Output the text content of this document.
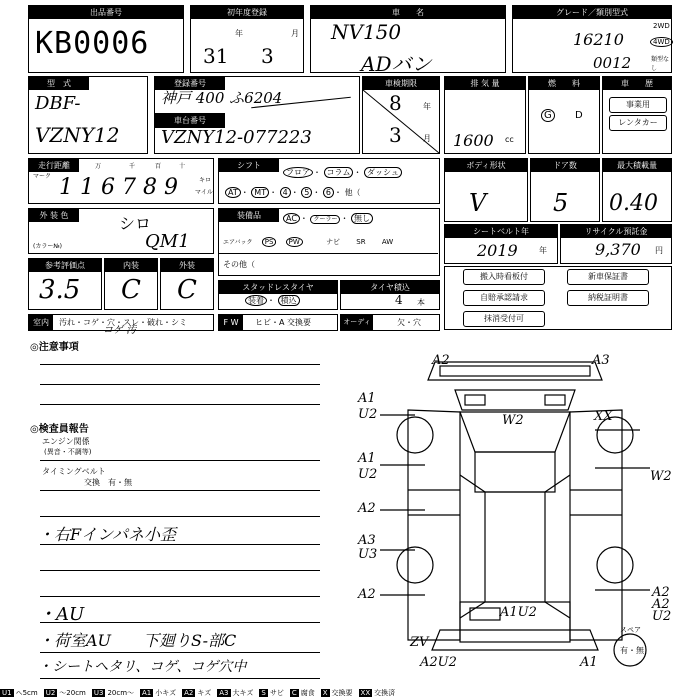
出品番号
KB0006
初年度登録
年	月
31 3
車　　名
NV150
ADバン
グレード／類別型式
16210
0012
2WD
4WD
類型なし
型　式
DBF-
VZNY12
登録番号
神戸 400 ふ6204
車台番号
VZNY12-077223
車検期限
8	年
3	月
排 気 量
1600 cc
燃　　料
G	D
車　　歴
事業用
レンタカー
走行距離
マーク
万	千	百	十
キロ
マイル
116789
シフト
フロア ・ コラム ・ ダッシュ
AT ・ MT ・ 4 ・ 5 ・ 6 ・ 他（
ボディ形状
V
ドア数
5
最大積載量
0.40
外 装 色	シロ
(カラー№)	QM1
装備品	AC ・ クーラー ・ 無し
エアバック　 PS　 PW　　　	ナビ　　 SR　　 AW
その他（
シートベルト年
2019	年
リサイクル預託金
9,370 円
参考評価点
3.5
内装
C
外装
C	スタッドレスタイヤ
装着 ・ 積込
タイヤ積込
4 本
搬入時看板付	新車保証書
自賠承認請求	納税証明書
抹消受付可
室内	汚れ・コゲ・穴・スレ・破れ・シミ
コゲ 汚
F W	ヒビ・A 交換要	オーディオ
欠・穴
◎注意事項
◎検査員報告
エンジン関係
(異音・不調等)
タイミングベルト
交換　有・無
・右Fインパネ小歪
・AU
・荷室AU　　下廻りS-部C
・シートヘタリ、コゲ、コゲ穴中
A2	A3
A1
U2	W2	XX
A1
U2	W2
A2
A3
U3
A2	A2
A1U2
A2
U2
ZV
A2U2	A1
スペア
有・無
U1 ヘ5cm U2 ～20cm U3 20cm～ A1 小キズ A2 キズ A3 大キズ S サビ C 腐食 X 交換要 XX 交換済
